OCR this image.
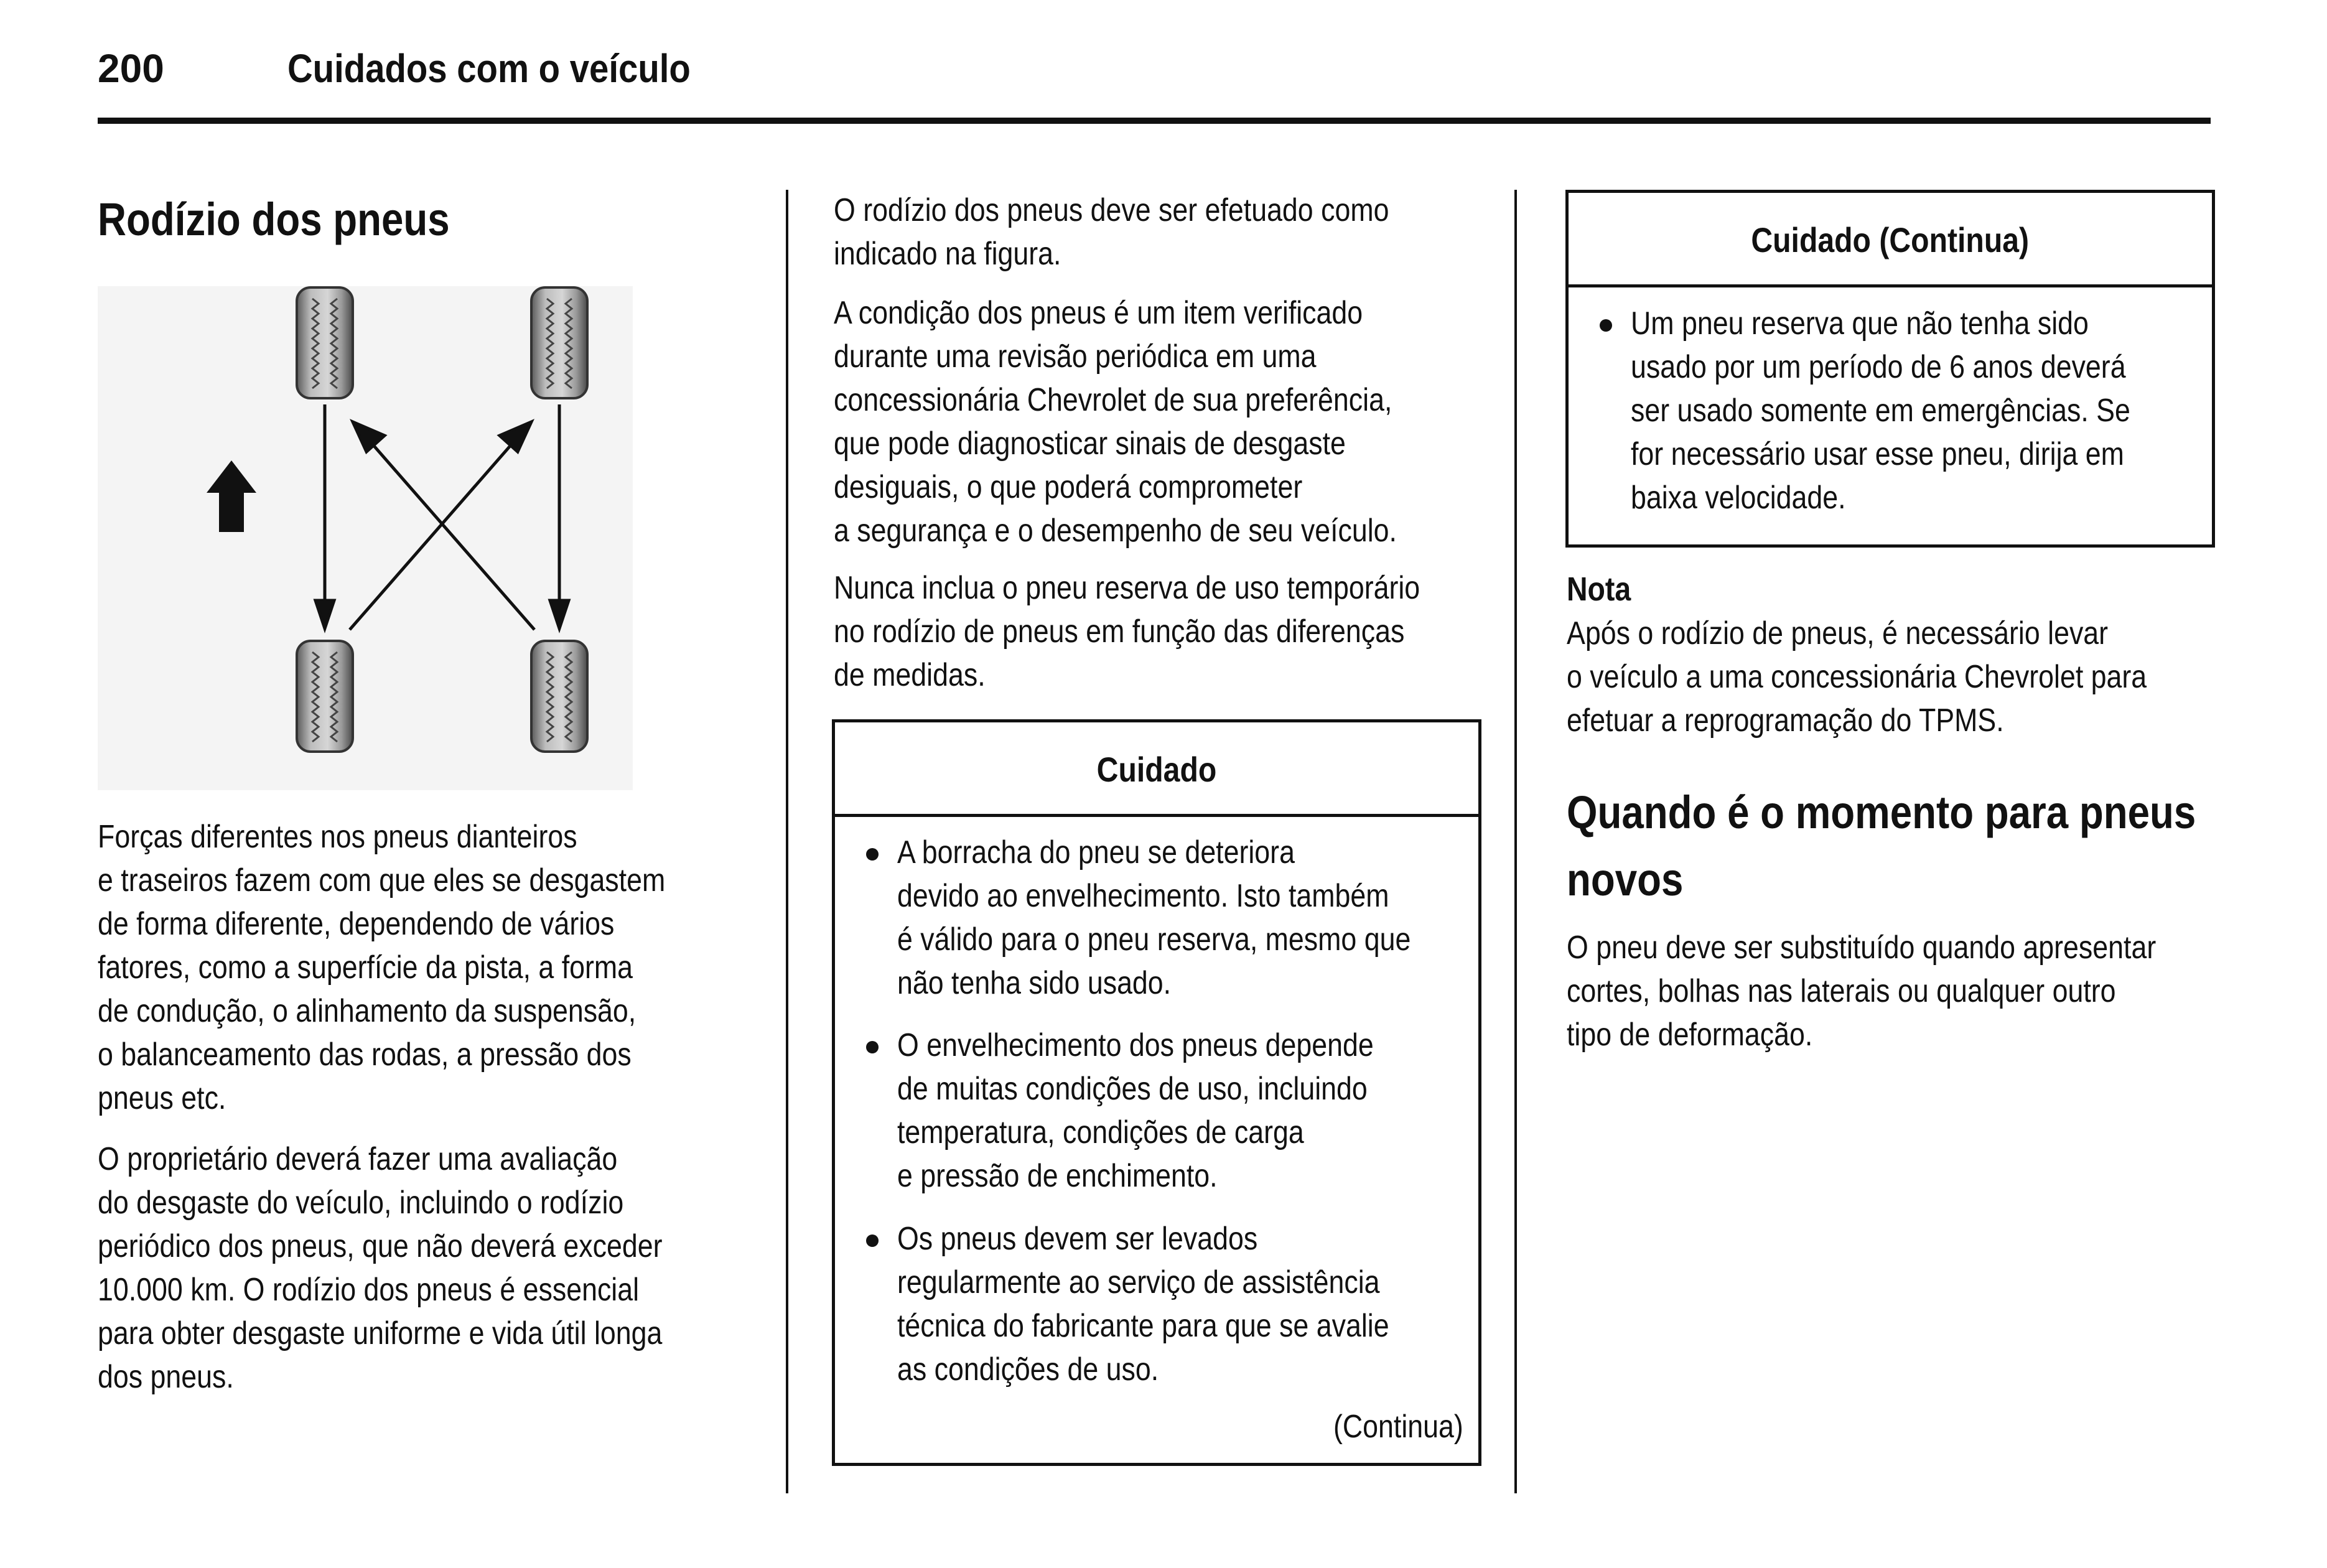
200	Cuidados com o veículo
Rodízio dos pneus
Forças diferentes nos pneus dianteiros
e traseiros fazem com que eles se desgastem
de forma diferente, dependendo de vários
fatores, como a superfície da pista, a forma
de condução, o alinhamento da suspensão,
o balanceamento das rodas, a pressão dos
pneus etc.
O proprietário deverá fazer uma avaliação
do desgaste do veículo, incluindo o rodízio
periódico dos pneus, que não deverá exceder
10.000 km. O rodízio dos pneus é essencial
para obter desgaste uniforme e vida útil longa
dos pneus.
O rodízio dos pneus deve ser efetuado como
indicado na figura.
A condição dos pneus é um item verificado
durante uma revisão periódica em uma
concessionária Chevrolet de sua preferência,
que pode diagnosticar sinais de desgaste
desiguais, o que poderá comprometer
a segurança e o desempenho de seu veículo.
Nunca inclua o pneu reserva de uso temporário
no rodízio de pneus em função das diferenças
de medidas.
Cuidado
A borracha do pneu se deteriora
devido ao envelhecimento. Isto também
é válido para o pneu reserva, mesmo que
não tenha sido usado.
O envelhecimento dos pneus depende
de muitas condições de uso, incluindo
temperatura, condições de carga
e pressão de enchimento.
Os pneus devem ser levados
regularmente ao serviço de assistência
técnica do fabricante para que se avalie
as condições de uso.
(Continua)
Cuidado (Continua)
Um pneu reserva que não tenha sido
usado por um período de 6 anos deverá
ser usado somente em emergências. Se
for necessário usar esse pneu, dirija em
baixa velocidade.
Nota
Após o rodízio de pneus, é necessário levar
o veículo a uma concessionária Chevrolet para
efetuar a reprogramação do TPMS.
Quando é o momento para pneus
novos
O pneu deve ser substituído quando apresentar
cortes, bolhas nas laterais ou qualquer outro
tipo de deformação.
